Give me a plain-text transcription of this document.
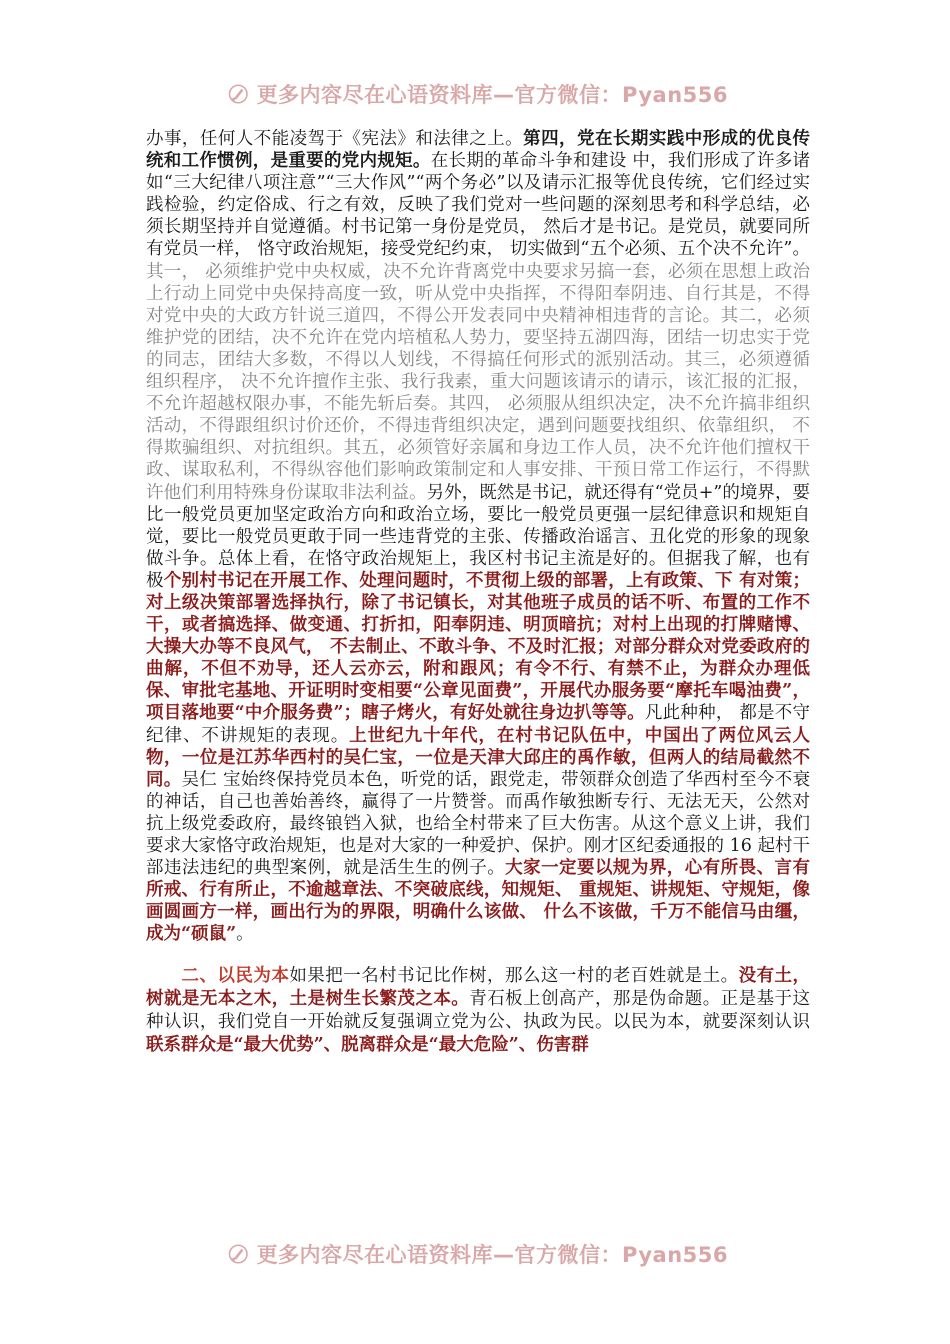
更多内容尽在心语资料库—官方微信：Pyan556

办事，任何人不能凌驾于《宪法》和法律之上。第四，党在长期实践中形成的优良传统和工作惯例，是重要的党内规矩。在长期的革命斗争和建设 中，我们形成了许多诸如“三大纪律八项注意”“三大作风”“两个务必”以及请示汇报等优良传统，它们经过实践检验，约定俗成、行之有效，反映了我们党对一些问题的深刻思考和科学总结，必须长期坚持并自觉遵循。村书记第一身份是党员， 然后才是书记。是党员，就要同所有党员一样， 恪守政治规矩，接受党纪约束， 切实做到“五个必须、五个决不允许”。其一， 必须维护党中央权威，决不允许背离党中央要求另搞一套，必须在思想上政治上行动上同党中央保持高度一致，听从党中央指挥，不得阳奉阴违、自行其是，不得对党中央的大政方针说三道四，不得公开发表同中央精神相违背的言论。其二，必须维护党的团结，决不允许在党内培植私人势力，要坚持五湖四海，团结一切忠实于党的同志，团结大多数，不得以人划线，不得搞任何形式的派别活动。其三，必须遵循组织程序， 决不允许擅作主张、我行我素，重大问题该请示的请示，该汇报的汇报，不允许超越权限办事，不能先斩后奏。其四， 必须服从组织决定，决不允许搞非组织活动，不得跟组织讨价还价，不得违背组织决定，遇到问题要找组织、依靠组织， 不得欺骗组织、对抗组织。其五，必须管好亲属和身边工作人员，决不允许他们擅权干政、谋取私利，不得纵容他们影响政策制定和人事安排、干预日常工作运行，不得默许他们利用特殊身份谋取非法利益。另外，既然是书记，就还得有“党员+”的境界，要比一般党员更加坚定政治方向和政治立场，要比一般党员更强一层纪律意识和规矩自觉，要比一般党员更敢于同一些违背党的主张、传播政治谣言、丑化党的形象的现象做斗争。总体上看，在恪守政治规矩上，我区村书记主流是好的。但据我了解，也有极个别村书记在开展工作、处理问题时，不贯彻上级的部署，上有政策、下 有对策；对上级决策部署选择执行，除了书记镇长，对其他班子成员的话不听、布置的工作不干，或者搞选择、做变通、打折扣，阳奉阴违、明顶暗抗；对村上出现的打牌赌博、大操大办等不良风气， 不去制止、不敢斗争、不及时汇报；对部分群众对党委政府的曲解，不但不劝导，还人云亦云，附和跟风；有令不行、有禁不止，为群众办理低保、审批宅基地、开证明时变相要“公章见面费”，开展代办服务要“摩托车喝油费”， 项目落地要“中介服务费”；瞎子烤火，有好处就往身边扒等等。凡此种种， 都是不守纪律、不讲规矩的表现。上世纪九十年代，在村书记队伍中，中国出了两位风云人物，一位是江苏华西村的吴仁宝，一位是天津大邱庄的禹作敏，但两人的结局截然不同。吴仁 宝始终保持党员本色，听党的话，跟党走，带领群众创造了华西村至今不衰的神话，自己也善始善终，赢得了一片赞誉。而禹作敏独断专行、无法无天，公然对抗上级党委政府，最终锒铛入狱，也给全村带来了巨大伤害。从这个意义上讲，我们要求大家恪守政治规矩，也是对大家的一种爱护、保护。刚才区纪委通报的 16 起村干部违法违纪的典型案例，就是活生生的例子。大家一定要以规为界，心有所畏、言有所戒、行有所止，不逾越章法、不突破底线，知规矩、 重规矩、讲规矩、守规矩，像画圆画方一样，画出行为的界限，明确什么该做、 什么不该做，千万不能信马由缰，成为“硕鼠”。

二、以民为本如果把一名村书记比作树，那么这一村的老百姓就是土。没有土，树就是无本之木，土是树生长繁茂之本。青石板上创高产，那是伪命题。正是基于这 种认识，我们党自一开始就反复强调立党为公、执政为民。以民为本，就要深刻认识联系群众是“最大优势”、脱离群众是“最大危险”、伤害群

更多内容尽在心语资料库—官方微信：Pyan556
